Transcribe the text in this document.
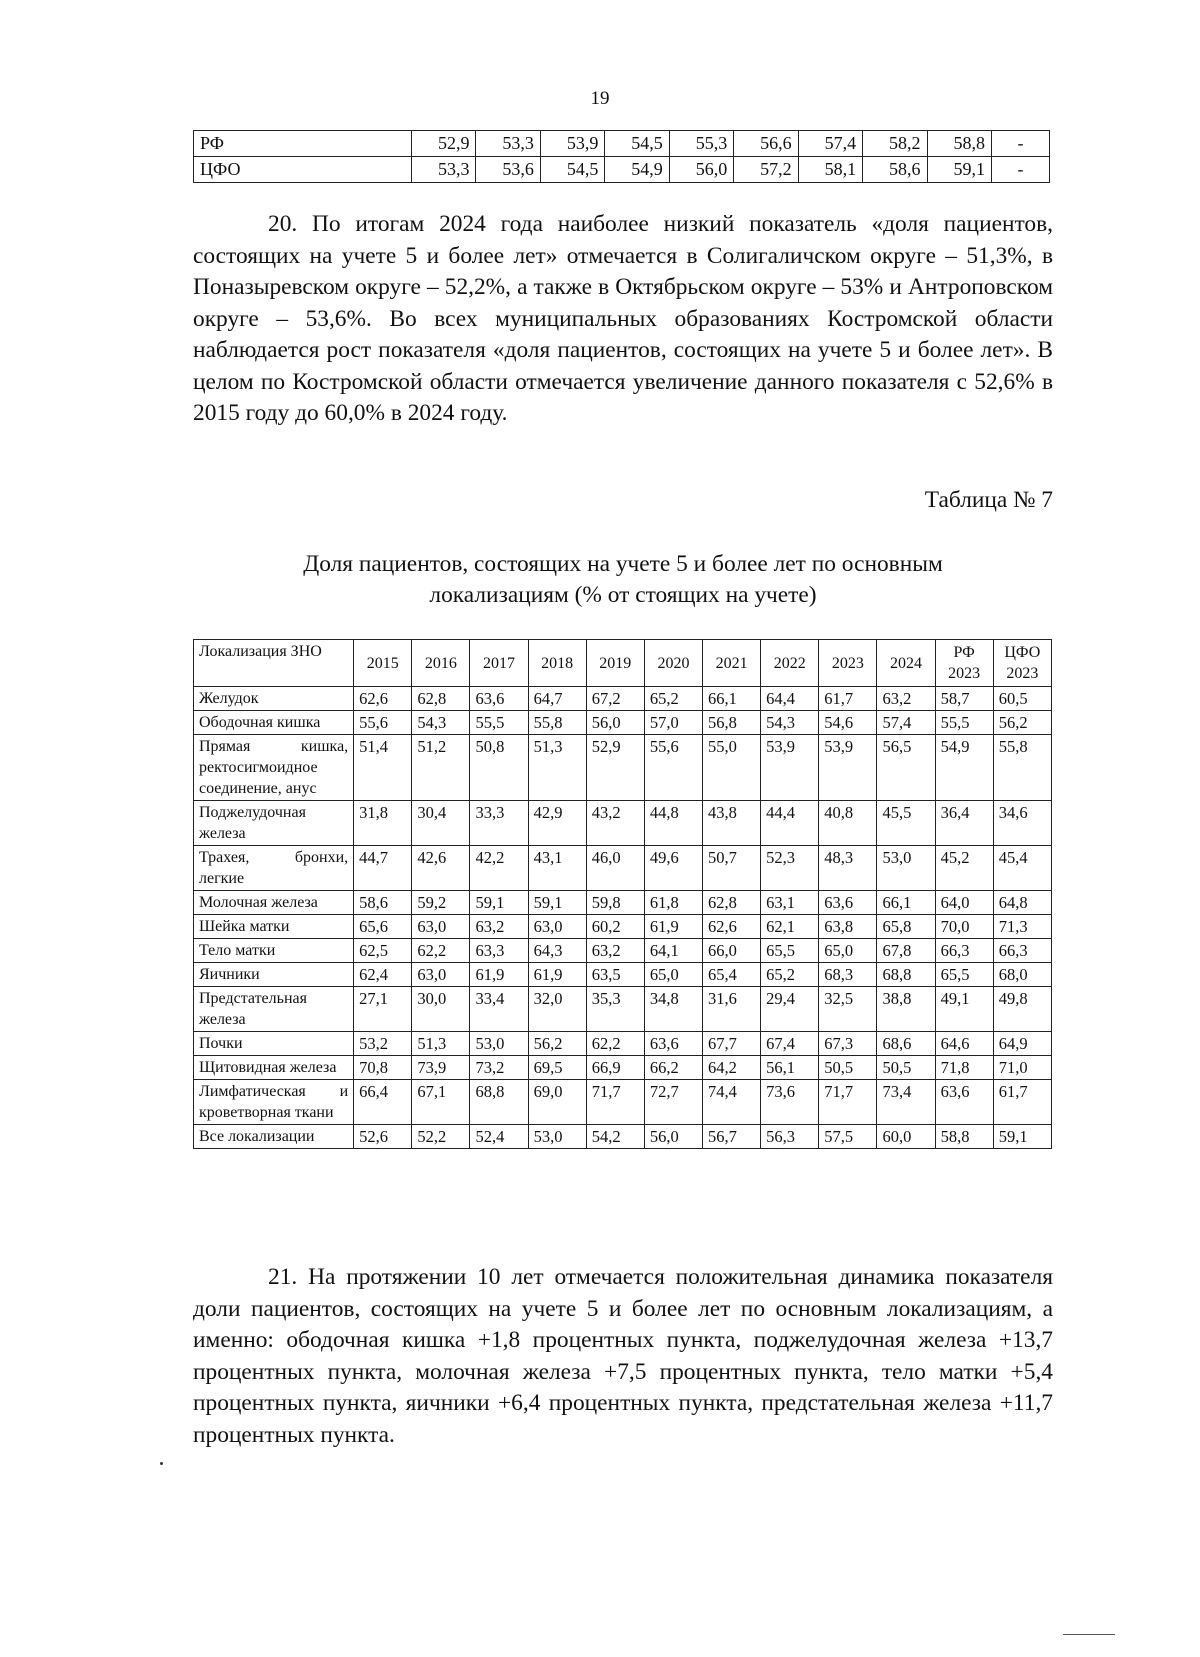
19
РФ	52,9	53,3	53,9	54,5	55,3	56,6	57,4	58,2	58,8	-
ЦФО	53,3	53,6	54,5	54,9	56,0	57,2	58,1	58,6	59,1	-

20. По итогам 2024 года наиболее низкий показатель «доля пациентов, состоящих на учете 5 и более лет» отмечается в Солигаличском округе – 51,3%, в Поназыревском округе – 52,2%, а также в Октябрьском округе – 53% и Антроповском округе – 53,6%. Во всех муниципальных образованиях Костромской области наблюдается рост показателя «доля пациентов, состоящих на учете 5 и более лет». В целом по Костромской области отмечается увеличение данного показателя с 52,6% в 2015 году до 60,0% в 2024 году.

Таблица № 7
Доля пациентов, состоящих на учете 5 и более лет по основным
локализациям (% от стоящих на учете)
Локализация ЗНО	2015	2016	2017	2018	2019	2020	2021	2022	2023	2024	РФ 2023	ЦФО 2023
Желудок	62,6	62,8	63,6	64,7	67,2	65,2	66,1	64,4	61,7	63,2	58,7	60,5
Ободочная кишка	55,6	54,3	55,5	55,8	56,0	57,0	56,8	54,3	54,6	57,4	55,5	56,2
Прямая кишка, ректосигмоидное соединение, анус	51,4	51,2	50,8	51,3	52,9	55,6	55,0	53,9	53,9	56,5	54,9	55,8
Поджелудочная железа	31,8	30,4	33,3	42,9	43,2	44,8	43,8	44,4	40,8	45,5	36,4	34,6
Трахея, бронхи, легкие	44,7	42,6	42,2	43,1	46,0	49,6	50,7	52,3	48,3	53,0	45,2	45,4
Молочная железа	58,6	59,2	59,1	59,1	59,8	61,8	62,8	63,1	63,6	66,1	64,0	64,8
Шейка матки	65,6	63,0	63,2	63,0	60,2	61,9	62,6	62,1	63,8	65,8	70,0	71,3
Тело матки	62,5	62,2	63,3	64,3	63,2	64,1	66,0	65,5	65,0	67,8	66,3	66,3
Яичники	62,4	63,0	61,9	61,9	63,5	65,0	65,4	65,2	68,3	68,8	65,5	68,0
Предстательная железа	27,1	30,0	33,4	32,0	35,3	34,8	31,6	29,4	32,5	38,8	49,1	49,8
Почки	53,2	51,3	53,0	56,2	62,2	63,6	67,7	67,4	67,3	68,6	64,6	64,9
Щитовидная железа	70,8	73,9	73,2	69,5	66,9	66,2	64,2	56,1	50,5	50,5	71,8	71,0
Лимфатическая и кроветворная ткани	66,4	67,1	68,8	69,0	71,7	72,7	74,4	73,6	71,7	73,4	63,6	61,7
Все локализации	52,6	52,2	52,4	53,0	54,2	56,0	56,7	56,3	57,5	60,0	58,8	59,1

21. На протяжении 10 лет отмечается положительная динамика показателя доли пациентов, состоящих на учете 5 и более лет по основным локализациям, а именно: ободочная кишка +1,8 процентных пункта, поджелудочная железа +13,7 процентных пункта, молочная железа +7,5 процентных пункта, тело матки +5,4 процентных пункта, яичники +6,4 процентных пункта, предстательная железа +11,7 процентных пункта.
